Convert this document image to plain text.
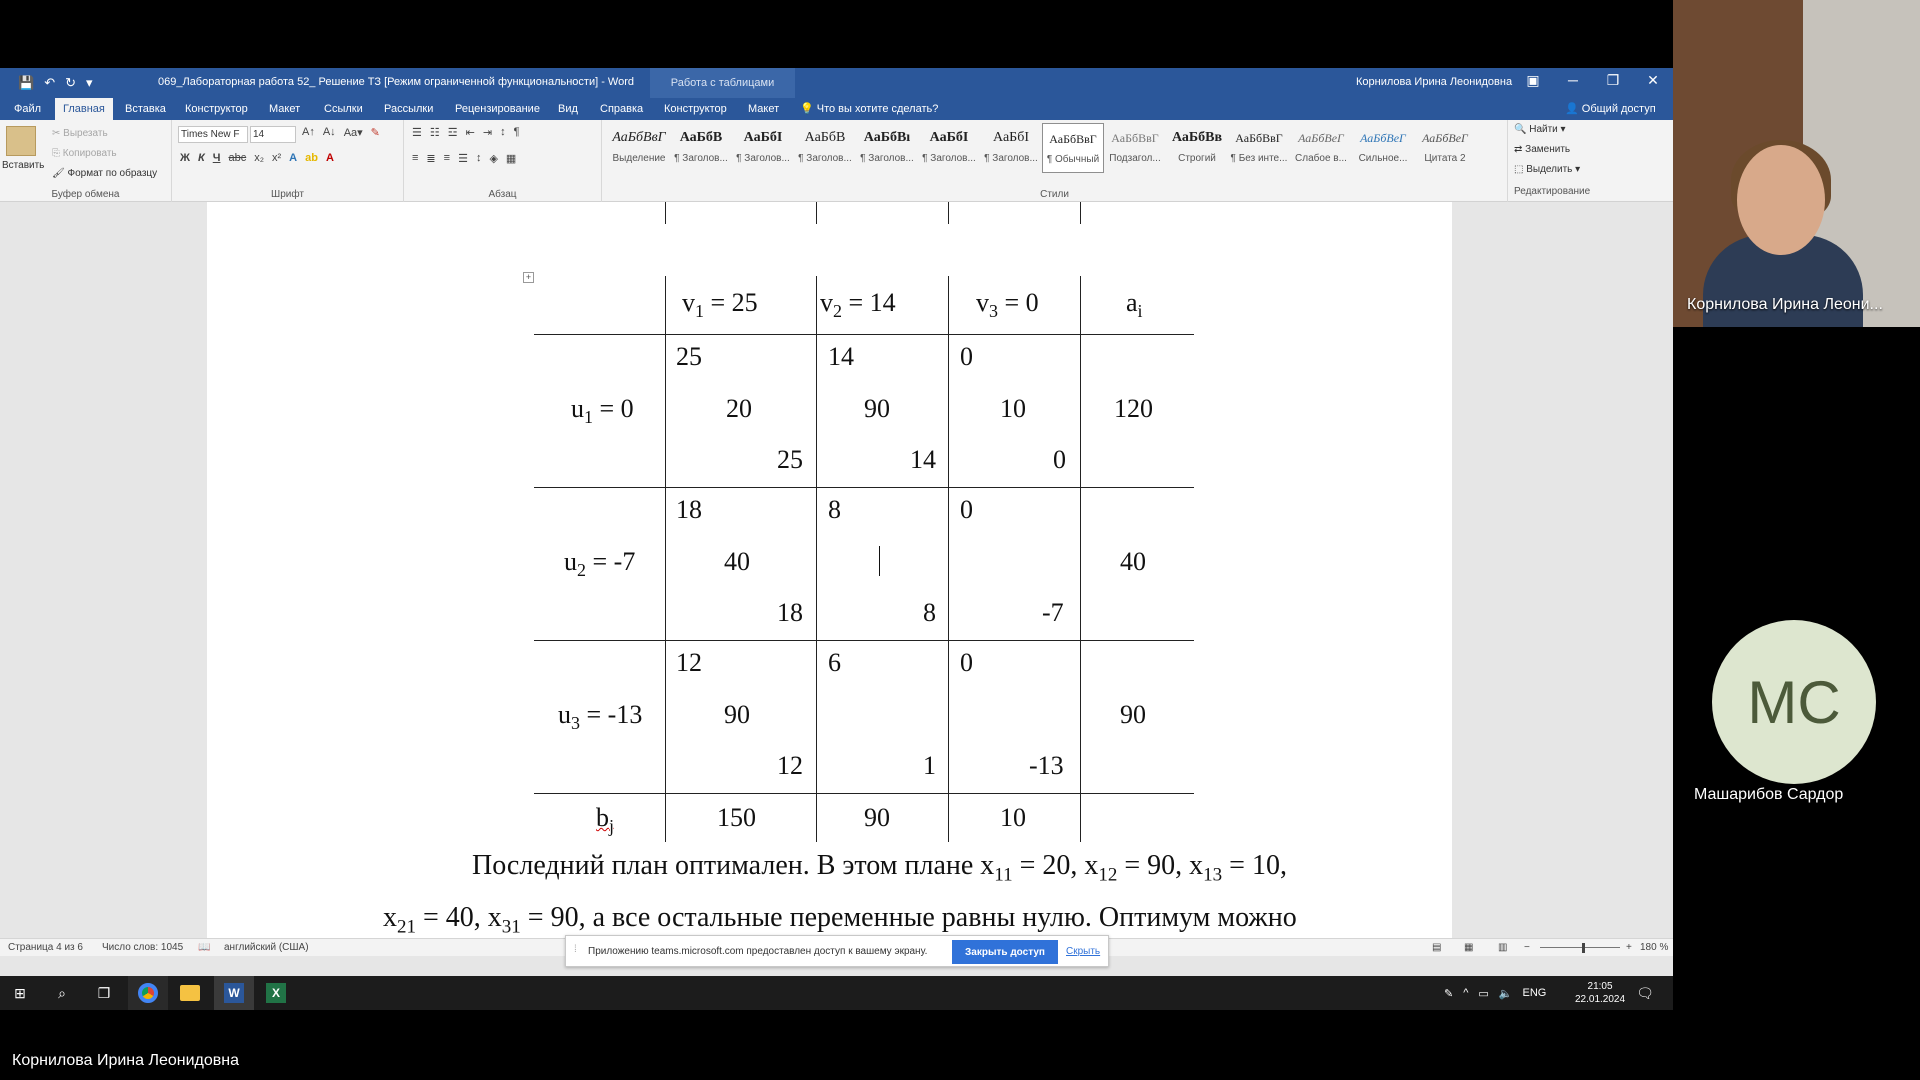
💾 ↶ ↻ ▾	069_Лабораторная работа 52_ Решение ТЗ [Режим ограниченной функциональности] - Word	Работа с таблицами	Корнилова Ирина Леонидовна ▣ ─ ❐ ✕
Файл	Главная	Вставка	Конструктор	Макет	Ссылки	Рассылки	Рецензирование	Вид	Справка	Конструктор	Макет	💡 Что вы хотите сделать?	👤 Общий доступ
Вставить
✂ Вырезать
⎘ Копировать
🖌 Формат по образцу
Буфер обмена
Times New F	14	A↑ A↓ Aa▾ ✎
Ж К Ч abc x₂ x² A ab A
Шрифт
☰ ☷ ☲ ⇤ ⇥ ↕ ¶
≡ ≣ ≡ ☰ ↕ ◈ ▦
Абзац
АаБбВвГ
Выделение
АаБбВ
¶ Заголов...
АаБбІ
¶ Заголов...
АаБбВ
¶ Заголов...
АаБбВı
¶ Заголов...
АаБбІ
¶ Заголов...
АаБбІ
¶ Заголов...
АаБбВвГ
¶ Обычный
АаБбВвГ
Подзагол...
АаБбВв
Строгий
АаБбВвГ
¶ Без инте...
АаБбВеГ
Слабое в...
АаБбВеГ
Сильное...
АаБбВеГ
Цитата 2
Стили
🔍 Найти ▾
⇄ Заменить
⬚ Выделить ▾
Редактирование
+
$v_1 = 25$ $v_2 = 14$	$v_3 = 0$	$a_i$
$u_1 = 0$
25
20
25
14
90
14
0
10
0
120
$u_2 = -7$
18
40
18
8
8
0
-7
40
$u_3 = -13$
12
90
12
6
1
0
-13
90
$b_j$	150	90	10
Последний план оптимален. В этом плане $x_{11} = 20$, $x_{12} = 90$, $x_{13} = 10$,
$x_{21} = 40$, $x_{31} = 90$, а все остальные переменные равны нулю. Оптимум можно
Страница 4 из 6 Число слов: 1045 📖 английский (США)	▤ ▦ ▥ −	+ 180 %
⁞ Приложению teams.microsoft.com предоставлен доступ к вашему экрану.	Закрыть доступ	Скрыть
⊞	⌕	❐	W	X	✎ ^ ▭ 🔈 ENG
21:05
22.01.2024 🗨
Корнилова Ирина Леони...
МС
Машарибов Сардор
Корнилова Ирина Леонидовна
